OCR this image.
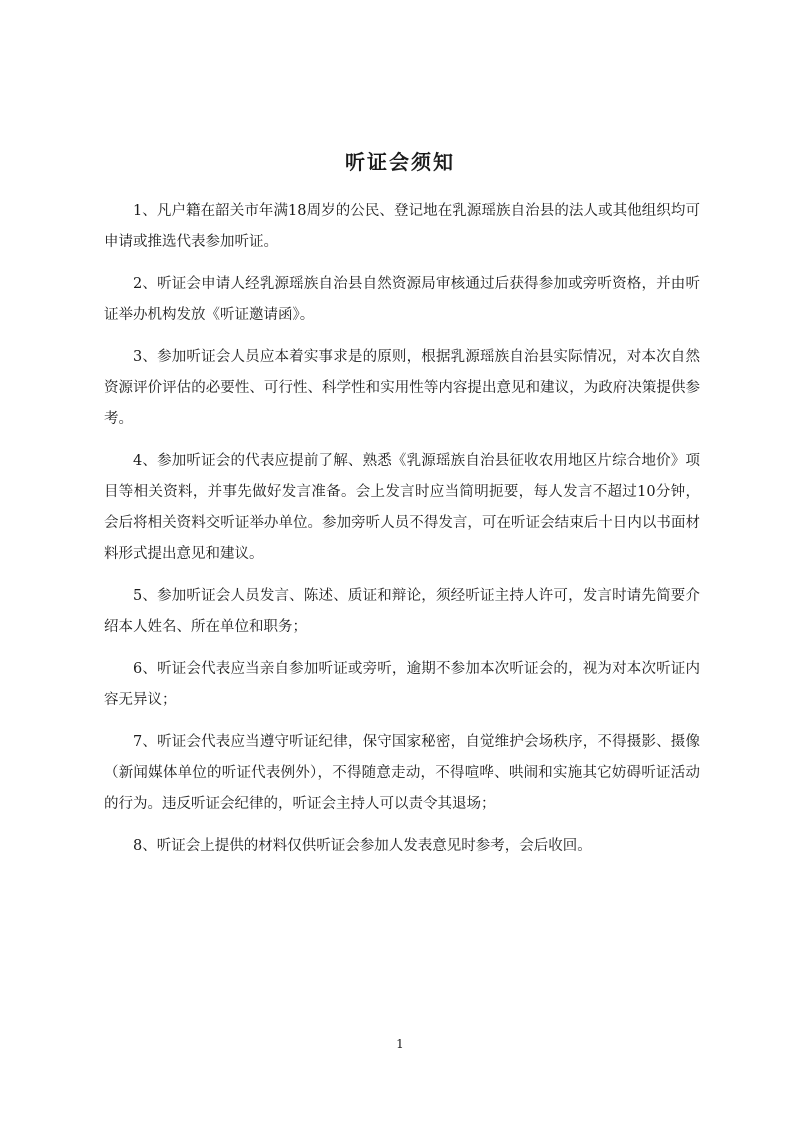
听证会须知

1、凡户籍在韶关市年满18周岁的公民、登记地在乳源瑶族自治县的法人或其他组织均可申请或推选代表参加听证。

2、听证会申请人经乳源瑶族自治县自然资源局审核通过后获得参加或旁听资格，并由听证举办机构发放《听证邀请函》。

3、参加听证会人员应本着实事求是的原则，根据乳源瑶族自治县实际情况，对本次自然资源评价评估的必要性、可行性、科学性和实用性等内容提出意见和建议，为政府决策提供参考。

4、参加听证会的代表应提前了解、熟悉《乳源瑶族自治县征收农用地区片综合地价》项目等相关资料，并事先做好发言准备。会上发言时应当简明扼要，每人发言不超过10分钟，会后将相关资料交听证举办单位。参加旁听人员不得发言，可在听证会结束后十日内以书面材料形式提出意见和建议。

5、参加听证会人员发言、陈述、质证和辩论，须经听证主持人许可，发言时请先简要介绍本人姓名、所在单位和职务；

6、听证会代表应当亲自参加听证或旁听，逾期不参加本次听证会的，视为对本次听证内容无异议；

7、听证会代表应当遵守听证纪律，保守国家秘密，自觉维护会场秩序，不得摄影、摄像（新闻媒体单位的听证代表例外），不得随意走动，不得喧哗、哄闹和实施其它妨碍听证活动的行为。违反听证会纪律的，听证会主持人可以责令其退场；

8、听证会上提供的材料仅供听证会参加人发表意见时参考，会后收回。

1
